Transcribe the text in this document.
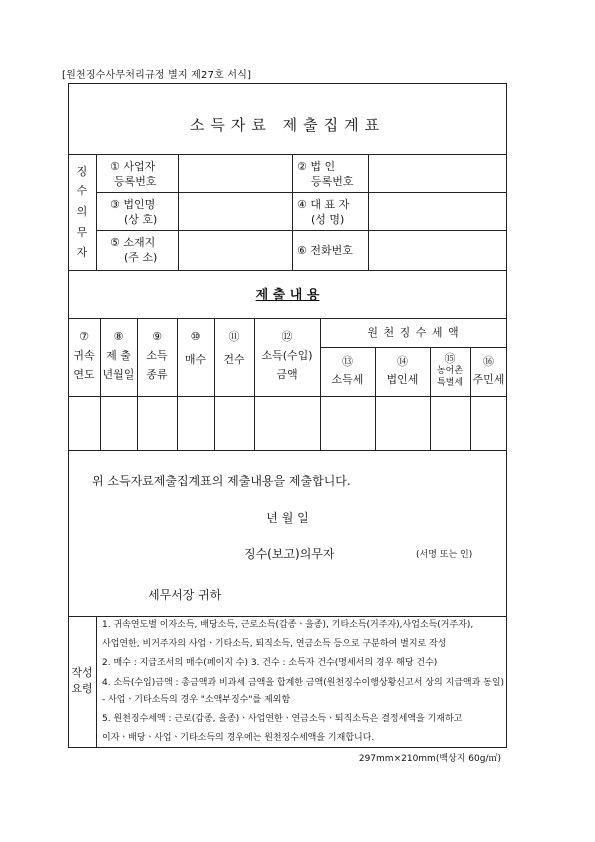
[원천징수사무처리규정 별지 제27호 서식]
소득자료 제출집계표
징
수
의
무
자
① 사업자
등록번호
② 법 인
등록번호
③ 법인명
(상 호)
④ 대 표 자
(성 명)
⑤ 소재지
(주 소)
⑥ 전화번호
제 출 내 용
⑦
귀속
연도
⑧
제 출
년월일
⑨
소득
종류
⑩
매수
⑪
건수
⑫
소득(수입)
금액
원 천 징 수 세 액
⑬
소득세
⑭
법인세
⑮
농어촌
특별세
⑯
주민세
위 소득자료제출집계표의 제출내용을 제출합니다.
년 월 일
징수(보고)의무자	(서명 또는 인)
세무서장 귀하
작성
요령
1. 귀속연도별 이자소득, 배당소득, 근로소득(갑종ㆍ을종), 기타소득(거주자),사업소득(거주자),
사업연한, 비거주자의 사업ㆍ기타소득, 퇴직소득, 연금소득 등으로 구분하여 별지로 작성
2. 매수 : 지급조서의 매수(페이지 수) 3. 건수 : 소득자 건수(명세서의 경우 해당 건수)
4. 소득(수입)금액 : 총금액과 비과세 금액을 합계한 금액(원천징수이행상황신고서 상의 지급액과 동일)
- 사업ㆍ기타소득의 경우 "소액부징수"를 제외함
5. 원천징수세액 : 근로(갑종, 을종)ㆍ사업연한ㆍ연금소득ㆍ퇴직소득은 결정세액을 기재하고
이자ㆍ배당ㆍ사업ㆍ기타소득의 경우에는 원천징수세액을 기재합니다.
297mm×210mm(백상지 60g/㎡)
